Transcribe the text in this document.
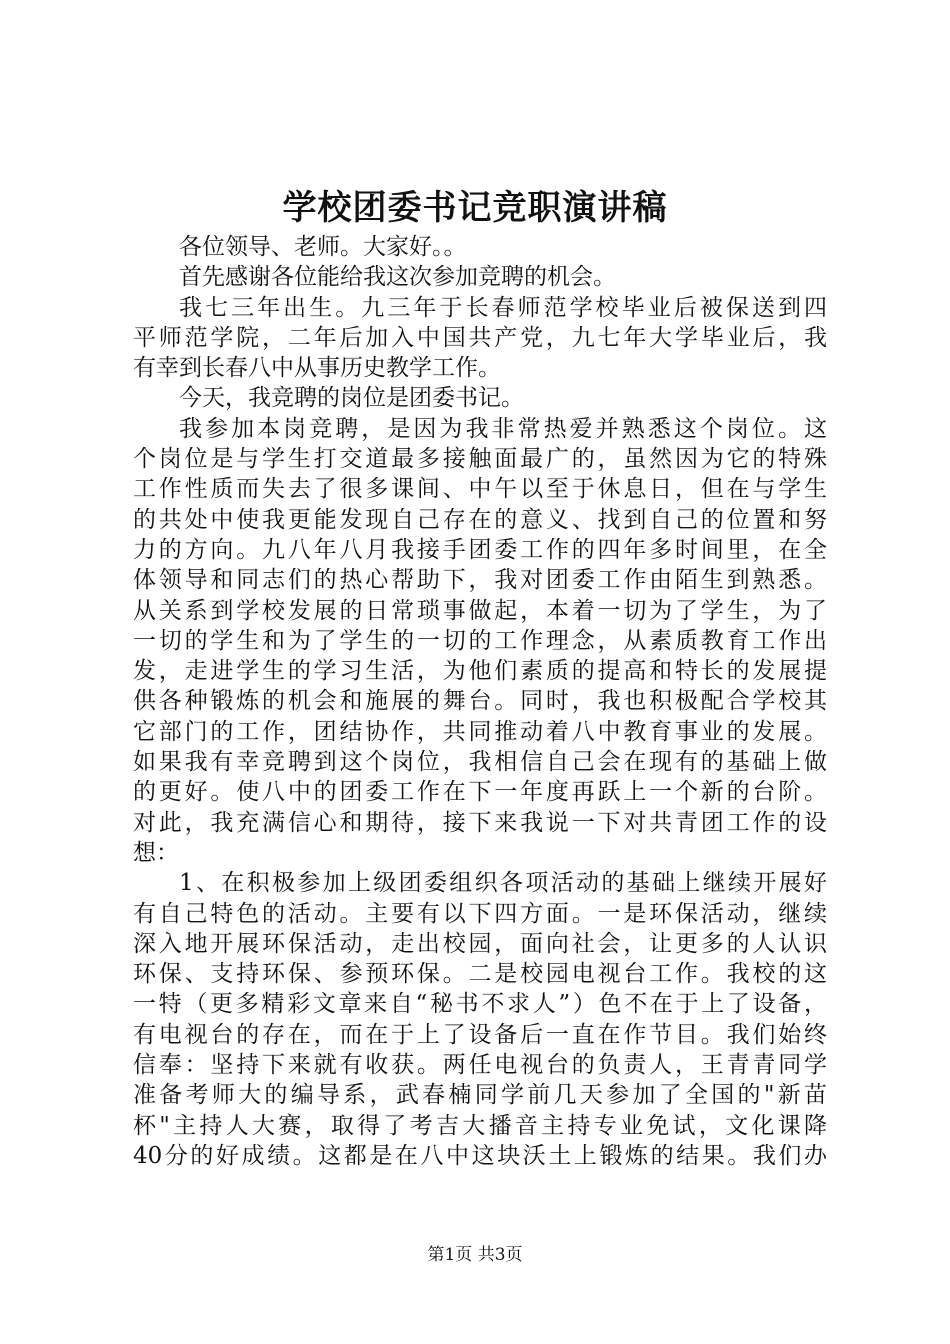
学校团委书记竞职演讲稿
各位领导、老师。大家好。。
首先感谢各位能给我这次参加竞聘的机会。
我七三年出生。九三年于长春师范学校毕业后被保送到四
平师范学院，二年后加入中国共产党，九七年大学毕业后，我
有幸到长春八中从事历史教学工作。
今天，我竞聘的岗位是团委书记。
我参加本岗竞聘，是因为我非常热爱并熟悉这个岗位。这
个岗位是与学生打交道最多接触面最广的，虽然因为它的特殊
工作性质而失去了很多课间、中午以至于休息日，但在与学生
的共处中使我更能发现自己存在的意义、找到自己的位置和努
力的方向。九八年八月我接手团委工作的四年多时间里，在全
体领导和同志们的热心帮助下，我对团委工作由陌生到熟悉。
从关系到学校发展的日常琐事做起，本着一切为了学生，为了
一切的学生和为了学生的一切的工作理念，从素质教育工作出
发，走进学生的学习生活，为他们素质的提高和特长的发展提
供各种锻炼的机会和施展的舞台。同时，我也积极配合学校其
它部门的工作，团结协作，共同推动着八中教育事业的发展。
如果我有幸竞聘到这个岗位，我相信自己会在现有的基础上做
的更好。使八中的团委工作在下一年度再跃上一个新的台阶。
对此，我充满信心和期待，接下来我说一下对共青团工作的设
想：
1、在积极参加上级团委组织各项活动的基础上继续开展好
有自己特色的活动。主要有以下四方面。一是环保活动，继续
深入地开展环保活动，走出校园，面向社会，让更多的人认识
环保、支持环保、参预环保。二是校园电视台工作。我校的这
一特（更多精彩文章来自“秘书不求人”）色不在于上了设备，
有电视台的存在，而在于上了设备后一直在作节目。我们始终
信奉：坚持下来就有收获。两任电视台的负责人，王青青同学
准备考师大的编导系，武春楠同学前几天参加了全国的"新苗
杯"主持人大赛，取得了考吉大播音主持专业免试，文化课降
40分的好成绩。这都是在八中这块沃土上锻炼的结果。我们办
第1页 共3页
